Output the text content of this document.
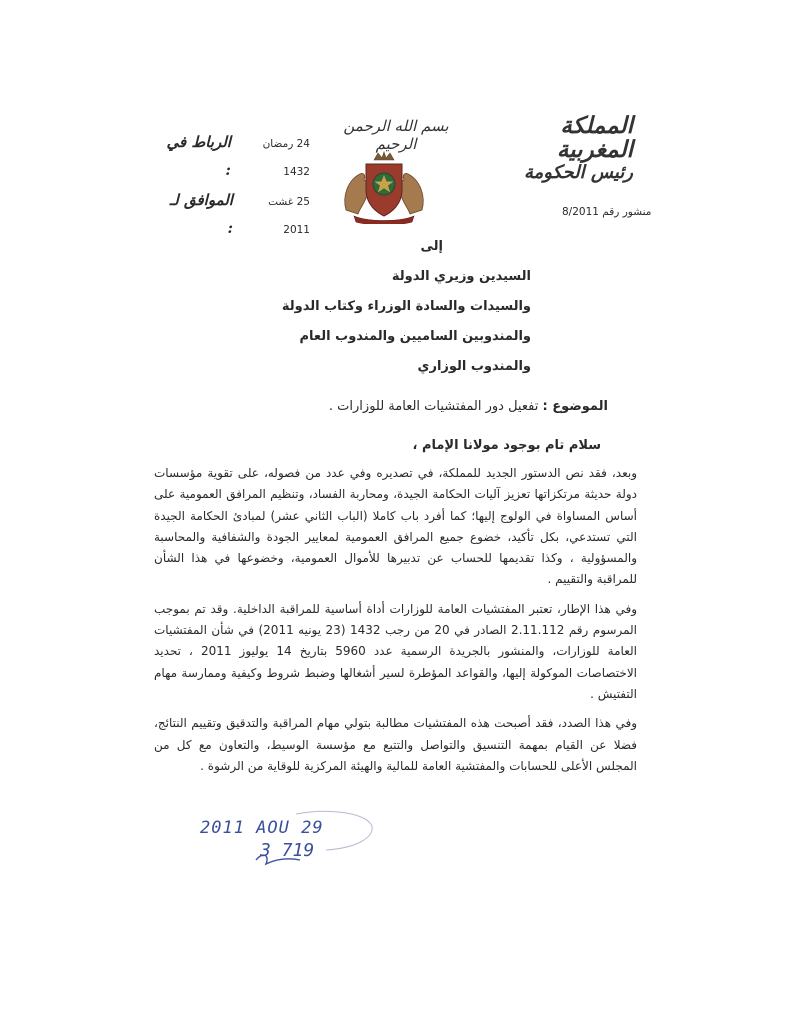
المملكة المغربية
رئيس الحكومة
بسم الله الرحمن الرحيم
الرباط في :
24 رمضان 1432
الموافق لـ :
25 غشت 2011
منشور رقم 8/2011
إلى
السيدين وزيري الدولة
والسيدات والسادة الوزراء وكتاب الدولة
والمندوبين الساميين والمندوب العام
والمندوب الوزاري
الموضوع : تفعيل دور المفتشيات العامة للوزارات .
سلام تام بوجود مولانا الإمام ،

وبعد، فقد نص الدستور الجديد للمملكة، في تصديره وفي عدد من فصوله، على تقوية مؤسسات دولة حديثة مرتكزاتها تعزيز آليات الحكامة الجيدة، ومحاربة الفساد، وتنظيم المرافق العمومية على أساس المساواة في الولوج إليها؛ كما أفرد باب كاملا (الباب الثاني عشر) لمبادئ الحكامة الجيدة التي تستدعي، بكل تأكيد، خضوع جميع المرافق العمومية لمعايير الجودة والشفافية والمحاسبة والمسؤولية ، وكذا تقديمها للحساب عن تدبيرها للأموال العمومية، وخضوعها في هذا الشأن للمراقبة والتقييم .

وفي هذا الإطار، تعتبر المفتشيات العامة للوزارات أداة أساسية للمراقبة الداخلية. وقد تم بموجب المرسوم رقم 2.11.112 الصادر في 20 من رجب 1432 (23 يونيه 2011) في شأن المفتشيات العامة للوزارات، والمنشور بالجريدة الرسمية عدد 5960 بتاريخ 14 يوليوز 2011 ، تحديد الاختصاصات الموكولة إليها، والقواعد المؤطرة لسير أشغالها وضبط شروط وكيفية وممارسة مهام التفتيش .

وفي هذا الصدد، فقد أصبحت هذه المفتشيات مطالبة بتولي مهام المراقبة والتدقيق وتقييم النتائج، فضلا عن القيام بمهمة التنسيق والتواصل والتتبع مع مؤسسة الوسيط، والتعاون مع كل من المجلس الأعلى للحسابات والمفتشية العامة للمالية والهيئة المركزية للوقاية من الرشوة .

2011 AOU 29
3 719
